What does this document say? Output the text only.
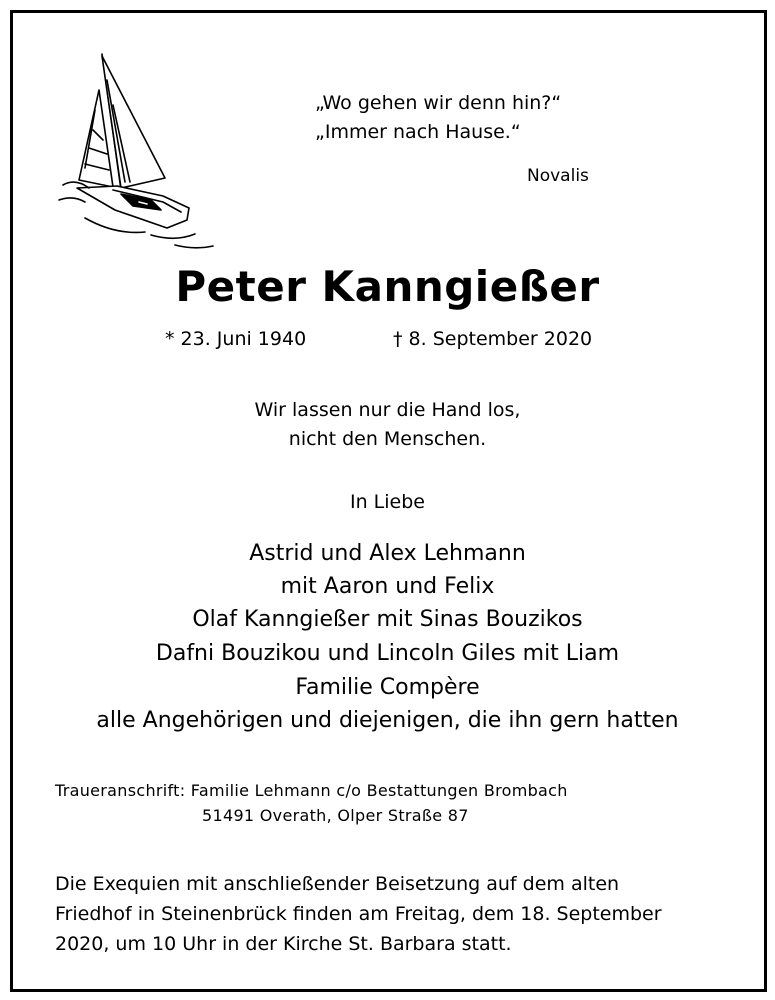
„Wo gehen wir denn hin?“
„Immer nach Hause.“
Novalis
Peter Kanngießer
* 23. Juni 1940	† 8. September 2020
Wir lassen nur die Hand los,
nicht den Menschen.
In Liebe
Astrid und Alex Lehmann
mit Aaron und Felix
Olaf Kanngießer mit Sinas Bouzikos
Dafni Bouzikou und Lincoln Giles mit Liam
Familie Compère
alle Angehörigen und diejenigen, die ihn gern hatten
Traueranschrift: Familie Lehmann c/o Bestattungen Brombach
51491 Overath, Olper Straße 87
Die Exequien mit anschließender Beisetzung auf dem alten
Friedhof in Steinenbrück finden am Freitag, dem 18. September
2020, um 10 Uhr in der Kirche St. Barbara statt.
